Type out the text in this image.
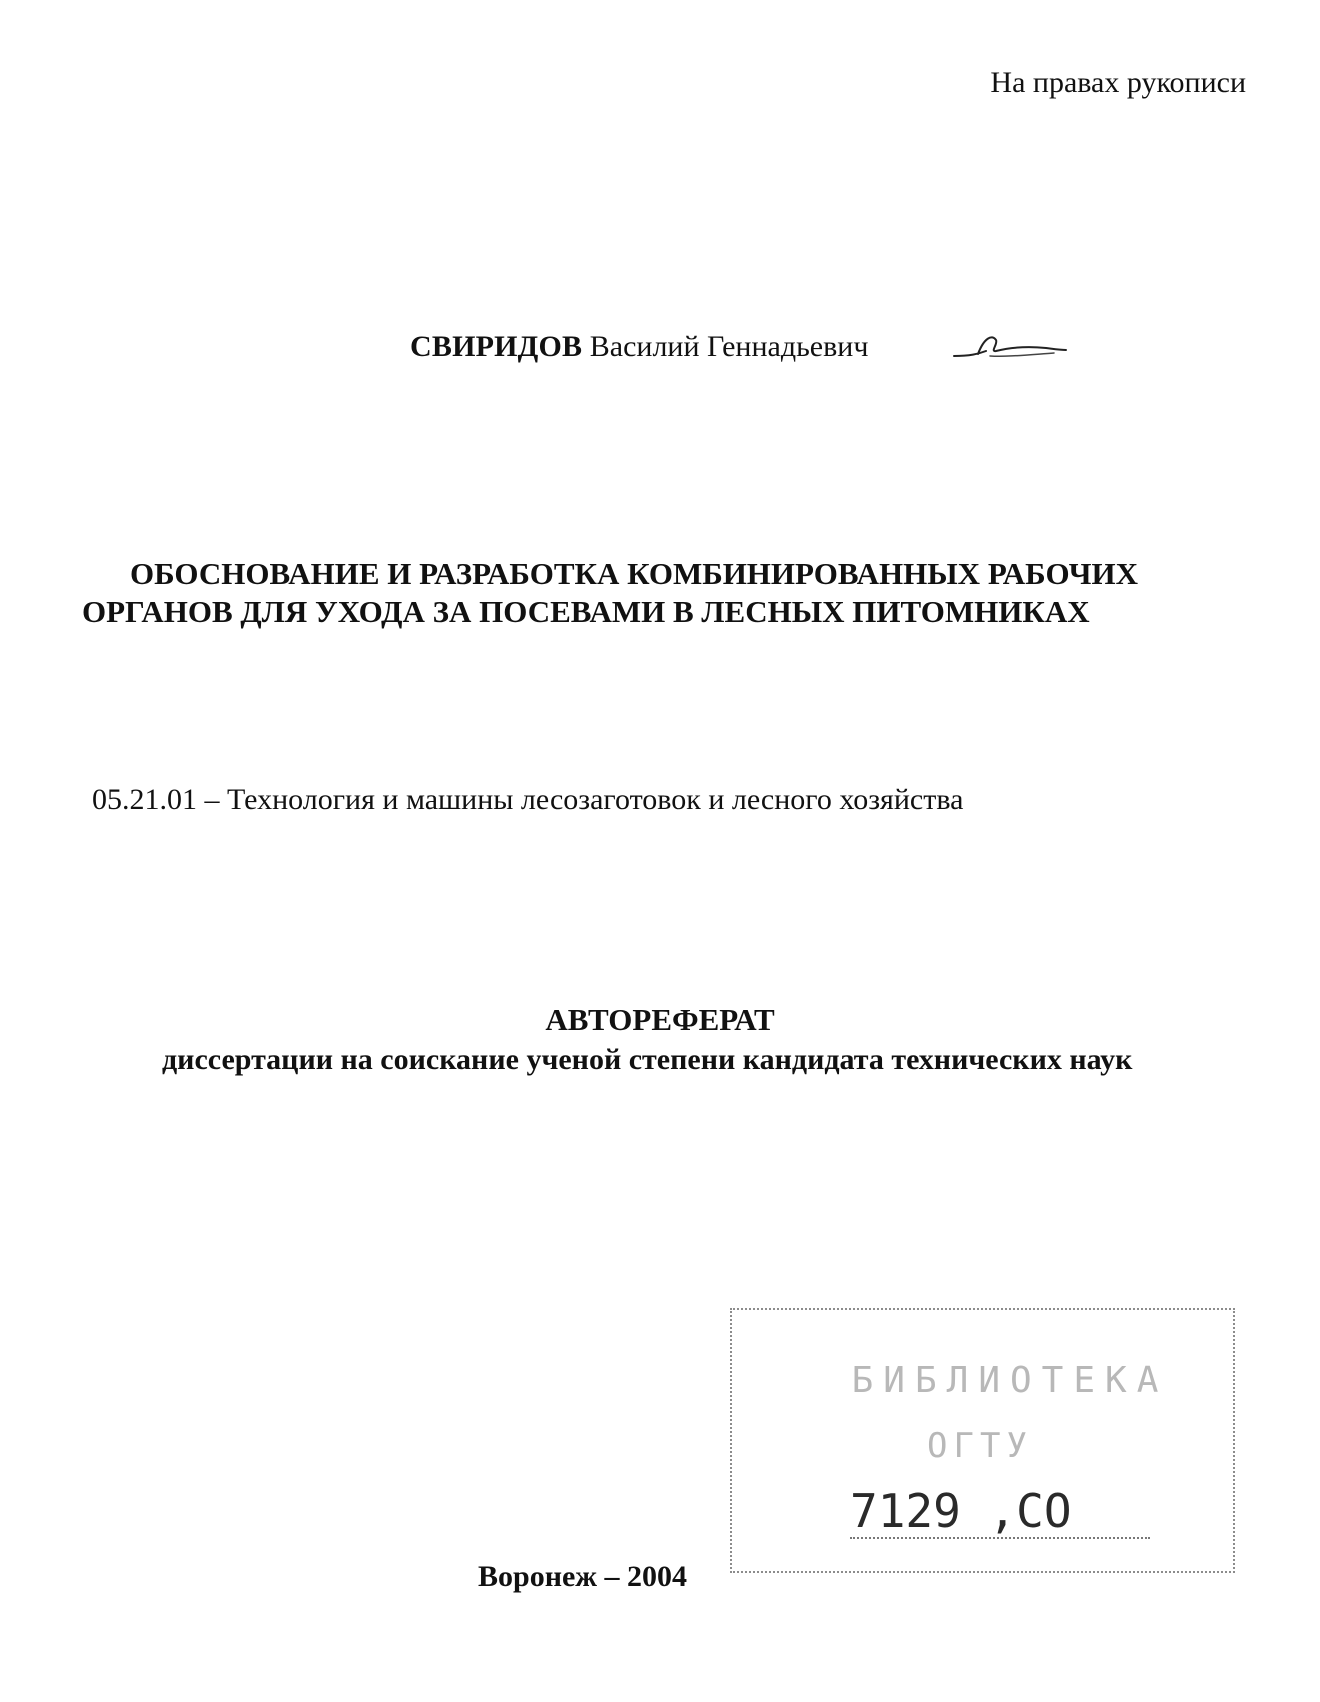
На правах рукописи
СВИРИДОВ Василий Геннадьевич
ОБОСНОВАНИЕ И РАЗРАБОТКА КОМБИНИРОВАННЫХ РАБОЧИХ
ОРГАНОВ ДЛЯ УХОДА ЗА ПОСЕВАМИ В ЛЕСНЫХ ПИТОМНИКАХ
05.21.01 – Технология и машины лесозаготовок и лесного хозяйства
АВТОРЕФЕРАТ
диссертации на соискание ученой степени кандидата технических наук
БИБЛИОТЕКА
ОГТУ
7129 ,СО
Воронеж – 2004
